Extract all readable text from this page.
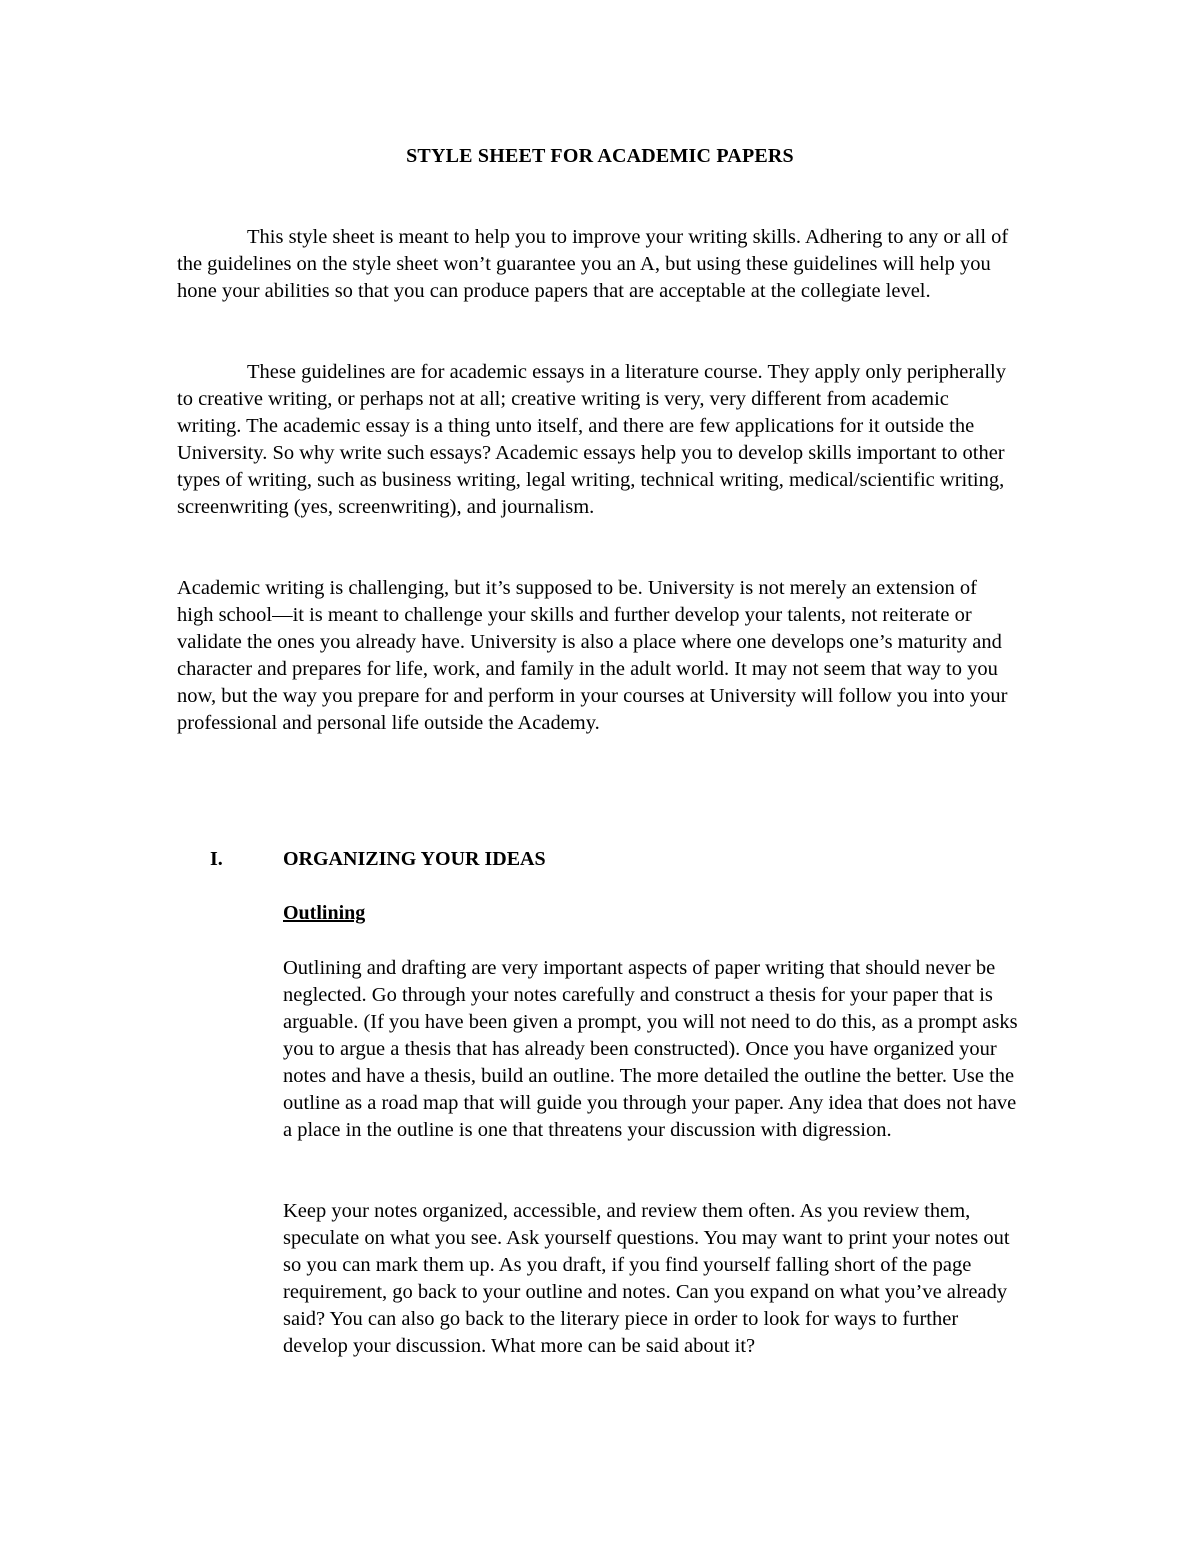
STYLE SHEET FOR ACADEMIC PAPERS

This style sheet is meant to help you to improve your writing skills. Adhering to any or all of the guidelines on the style sheet won’t guarantee you an A, but using these guidelines will help you hone your abilities so that you can produce papers that are acceptable at the collegiate level.

These guidelines are for academic essays in a literature course. They apply only peripherally to creative writing, or perhaps not at all; creative writing is very, very different from academic writing. The academic essay is a thing unto itself, and there are few applications for it outside the University. So why write such essays? Academic essays help you to develop skills important to other types of writing, such as business writing, legal writing, technical writing, medical/scientific writing, screenwriting (yes, screenwriting), and journalism.

Academic writing is challenging, but it’s supposed to be. University is not merely an extension of high school—it is meant to challenge your skills and further develop your talents, not reiterate or validate the ones you already have. University is also a place where one develops one’s maturity and character and prepares for life, work, and family in the adult world. It may not seem that way to you now, but the way you prepare for and perform in your courses at University will follow you into your professional and personal life outside the Academy.

I.	ORGANIZING YOUR IDEAS
Outlining

Outlining and drafting are very important aspects of paper writing that should never be neglected. Go through your notes carefully and construct a thesis for your paper that is arguable. (If you have been given a prompt, you will not need to do this, as a prompt asks you to argue a thesis that has already been constructed). Once you have organized your notes and have a thesis, build an outline. The more detailed the outline the better. Use the outline as a road map that will guide you through your paper. Any idea that does not have a place in the outline is one that threatens your discussion with digression.

Keep your notes organized, accessible, and review them often. As you review them, speculate on what you see. Ask yourself questions. You may want to print your notes out so you can mark them up. As you draft, if you find yourself falling short of the page requirement, go back to your outline and notes. Can you expand on what you’ve already said? You can also go back to the literary piece in order to look for ways to further develop your discussion. What more can be said about it?
